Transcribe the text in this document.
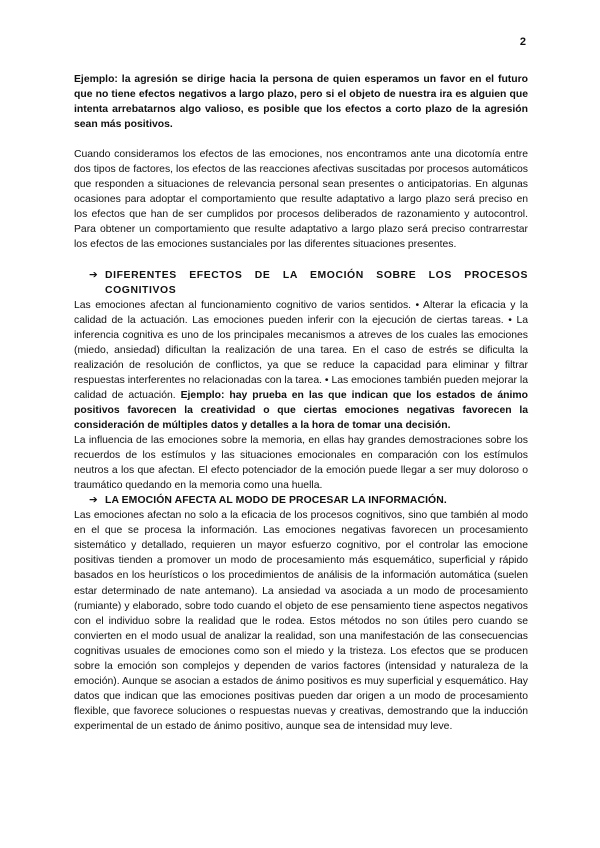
2

Ejemplo: la agresión se dirige hacia la persona de quien esperamos un favor en el futuro que no tiene efectos negativos a largo plazo, pero si el objeto de nuestra ira es alguien que intenta arrebatarnos algo valioso, es posible que los efectos a corto plazo de la agresión sean más positivos.

Cuando consideramos los efectos de las emociones, nos encontramos ante una dicotomía entre dos tipos de factores, los efectos de las reacciones afectivas suscitadas por procesos automáticos que responden a situaciones de relevancia personal sean presentes o anticipatorias. En algunas ocasiones para adoptar el comportamiento que resulte adaptativo a largo plazo será preciso en los efectos que han de ser cumplidos por procesos deliberados de razonamiento y autocontrol. Para obtener un comportamiento que resulte adaptativo a largo plazo será preciso contrarrestar los efectos de las emociones sustanciales por las diferentes situaciones presentes.

➔ DIFERENTES EFECTOS DE LA EMOCIÓN SOBRE LOS PROCESOS COGNITIVOS

Las emociones afectan al funcionamiento cognitivo de varios sentidos. • Alterar la eficacia y la calidad de la actuación. Las emociones pueden inferir con la ejecución de ciertas tareas. • La inferencia cognitiva es uno de los principales mecanismos a atreves de los cuales las emociones (miedo, ansiedad) dificultan la realización de una tarea. En el caso de estrés se dificulta la realización de resolución de conflictos, ya que se reduce la capacidad para eliminar y filtrar respuestas interferentes no relacionadas con la tarea. • Las emociones también pueden mejorar la calidad de actuación. Ejemplo: hay prueba en las que indican que los estados de ánimo positivos favorecen la creatividad o que ciertas emociones negativas favorecen la consideración de múltiples datos y detalles a la hora de tomar una decisión.

La influencia de las emociones sobre la memoria, en ellas hay grandes demostraciones sobre los recuerdos de los estímulos y las situaciones emocionales en comparación con los estímulos neutros a los que afectan. El efecto potenciador de la emoción puede llegar a ser muy doloroso o traumático quedando en la memoria como una huella.

➔ LA EMOCIÓN AFECTA AL MODO DE PROCESAR LA INFORMACIÓN.

Las emociones afectan no solo a la eficacia de los procesos cognitivos, sino que también al modo en el que se procesa la información. Las emociones negativas favorecen un procesamiento sistemático y detallado, requieren un mayor esfuerzo cognitivo, por el controlar las emocione positivas tienden a promover un modo de procesamiento más esquemático, superficial y rápido basados en los heurísticos o los procedimientos de análisis de la información automática (suelen estar determinado de nate antemano). La ansiedad va asociada a un modo de procesamiento (rumiante) y elaborado, sobre todo cuando el objeto de ese pensamiento tiene aspectos negativos con el individuo sobre la realidad que le rodea. Estos métodos no son útiles pero cuando se convierten en el modo usual de analizar la realidad, son una manifestación de las consecuencias cognitivas usuales de emociones como son el miedo y la tristeza. Los efectos que se producen sobre la emoción son complejos y dependen de varios factores (intensidad y naturaleza de la emoción). Aunque se asocian a estados de ánimo positivos es muy superficial y esquemático. Hay datos que indican que las emociones positivas pueden dar origen a un modo de procesamiento flexible, que favorece soluciones o respuestas nuevas y creativas, demostrando que la inducción experimental de un estado de ánimo positivo, aunque sea de intensidad muy leve.
